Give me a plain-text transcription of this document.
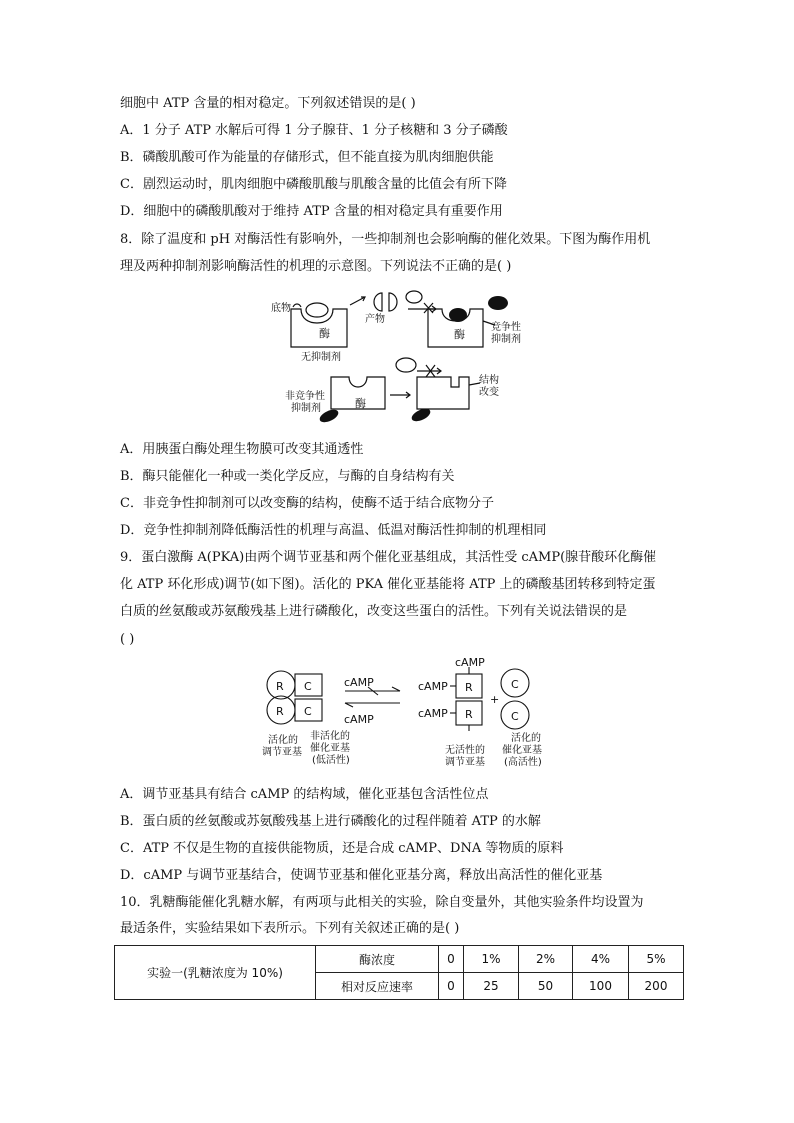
细胞中 ATP 含量的相对稳定。下列叙述错误的是( )
A．1 分子 ATP 水解后可得 1 分子腺苷、1 分子核糖和 3 分子磷酸
B．磷酸肌酸可作为能量的存储形式，但不能直接为肌肉细胞供能
C．剧烈运动时，肌肉细胞中磷酸肌酸与肌酸含量的比值会有所下降
D．细胞中的磷酸肌酸对于维持 ATP 含量的相对稳定具有重要作用
8．除了温度和 pH 对酶活性有影响外，一些抑制剂也会影响酶的催化效果。下图为酶作用机
理及两种抑制剂影响酶活性的机理的示意图。下列说法不正确的是( )
底物
产物
酶
无抑制剂
酶
竞争性
抑制剂
酶
非竞争性
抑制剂
结构
改变
A．用胰蛋白酶处理生物膜可改变其通透性
B．酶只能催化一种或一类化学反应，与酶的自身结构有关
C．非竞争性抑制剂可以改变酶的结构，使酶不适于结合底物分子
D．竞争性抑制剂降低酶活性的机理与高温、低温对酶活性抑制的机理相同
9．蛋白激酶 A(PKA)由两个调节亚基和两个催化亚基组成，其活性受 cAMP(腺苷酸环化酶催
化 ATP 环化形成)调节(如下图)。活化的 PKA 催化亚基能将 ATP 上的磷酸基团转移到特定蛋
白质的丝氨酸或苏氨酸残基上进行磷酸化，改变这些蛋白的活性。下列有关说法错误的是
( )
R
R
C
C
cAMP
cAMP
cAMP
cAMP
cAMP
R
R
+
C
C
活化的
调节亚基
非活化的
催化亚基
(低活性)
无活性的
调节亚基
活化的
催化亚基
(高活性)
A．调节亚基具有结合 cAMP 的结构域，催化亚基包含活性位点
B．蛋白质的丝氨酸或苏氨酸残基上进行磷酸化的过程伴随着 ATP 的水解
C．ATP 不仅是生物的直接供能物质，还是合成 cAMP、DNA 等物质的原料
D．cAMP 与调节亚基结合，使调节亚基和催化亚基分离，释放出高活性的催化亚基
10．乳糖酶能催化乳糖水解，有两项与此相关的实验，除自变量外，其他实验条件均设置为
最适条件，实验结果如下表所示。下列有关叙述正确的是( )
实验一(乳糖浓度为 10%)	酶浓度	0	1%	2%	4%	5%
	相对反应速率	0	25	50	100	200
